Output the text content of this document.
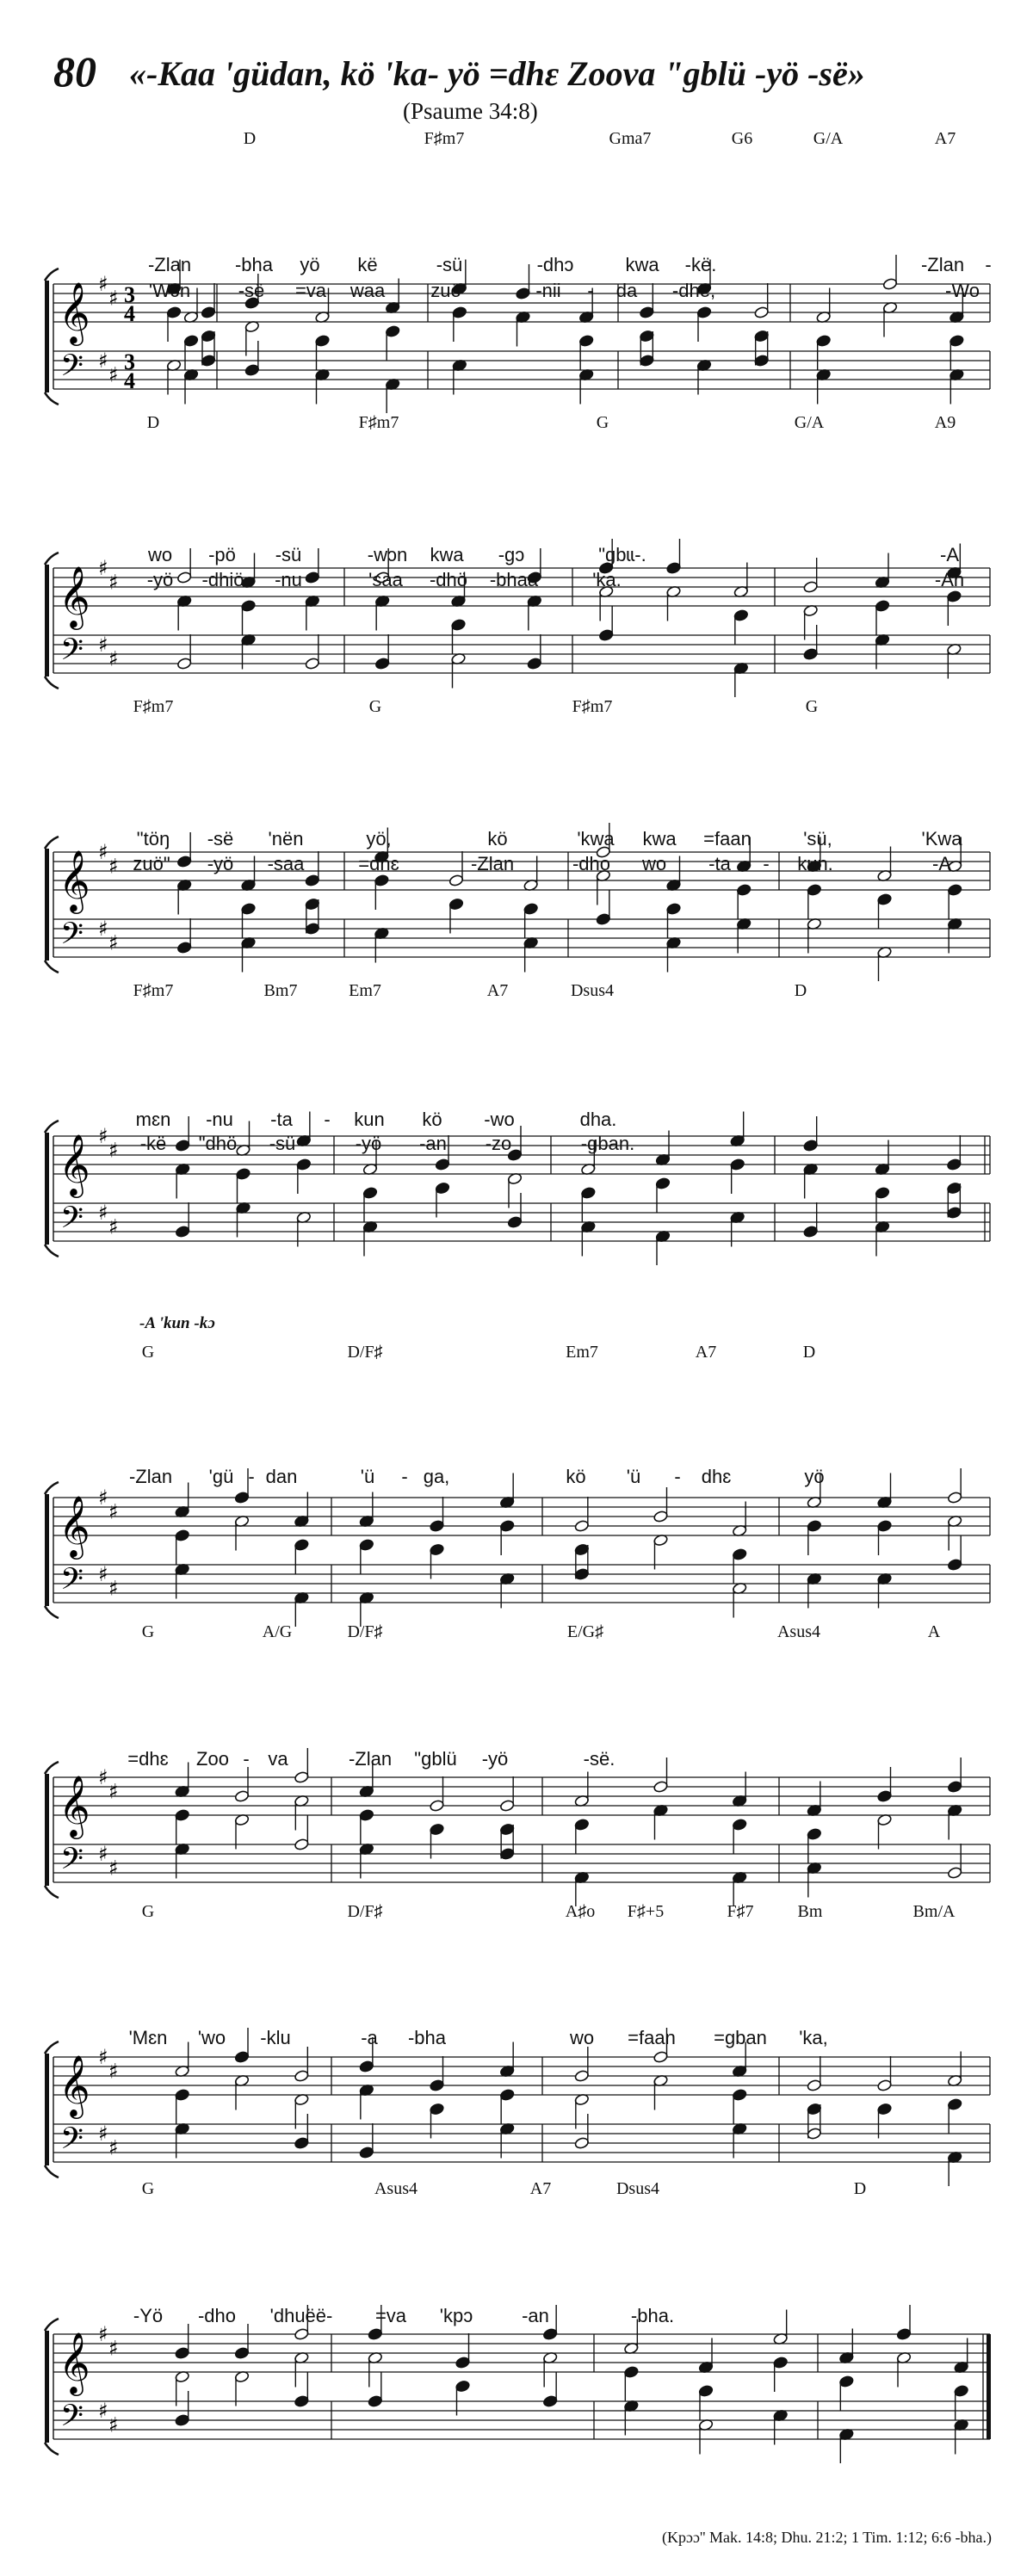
80 «-Kaa 'güdan, kö 'ka- yö =dhɛ Zoova "gblü -yö -së»
(Psaume 34:8)
𝄞
𝄢
♯
♯
♯
♯
3
4
3
4
D	F♯m7	Gma7	G6	G/A	A7
-Zlan -bha yö kë	-sü	-dhɔ	kwa -kë.	-Zlan -
'Wɔn	-së =va waa zuö	-nii - da -dhe,	-Wo
𝄞
𝄢
♯
♯
♯
♯
D	F♯m7	G	G/A	A9
wo -pö -sü	-wɔn kwa -gɔ	"gbɩɩ-.	-A
-yö -dhiö -nu	'saa -dhö -bhaa	'ka.	-An
𝄞
𝄢
♯
♯
♯
♯
F♯m7	G	F♯m7	G
"töŋ -së 'nën	yö,	kö	'kwa kwa =faan	'sü,	'Kwa
zuö" -yö -saa	=dhɛ	-Zlan	-dho wo -ta - kun.	-A
𝄞
𝄢
♯
♯
♯
♯
F♯m7	Bm7	Em7	A7	Dsus4	D
mɛn -nu -ta - kun kö -wo	dha.
-kë "dhö -sü	-yö -an -zo	-gban.
𝄞
𝄢
♯
♯
♯
♯
-A 'kun -kɔ
G	D/F♯	Em7	A7	D
-Zlan 'gü - dan	'ü - ga,	kö 'ü - dhɛ	yö
𝄞
𝄢
♯
♯
♯
♯
G	A/G	D/F♯	E/G♯	Asus4	A
=dhɛ Zoo - va	-Zlan "gblü -yö	-së.
𝄞
𝄢
♯
♯
♯
♯
G	D/F♯	A♯o F♯+5	F♯7	Bm	Bm/A
'Mɛn 'wo -klu	-a -bha	wo =faan =gban 'ka,
𝄞
𝄢
♯
♯
♯
♯
G	Asus4	A7	Dsus4	D
-Yö -dho 'dhuëë- =va 'kpɔ	-an	-bha.
(Kpɔɔ'' Mak. 14:8; Dhu. 21:2; 1 Tim. 1:12; 6:6 -bha.)
